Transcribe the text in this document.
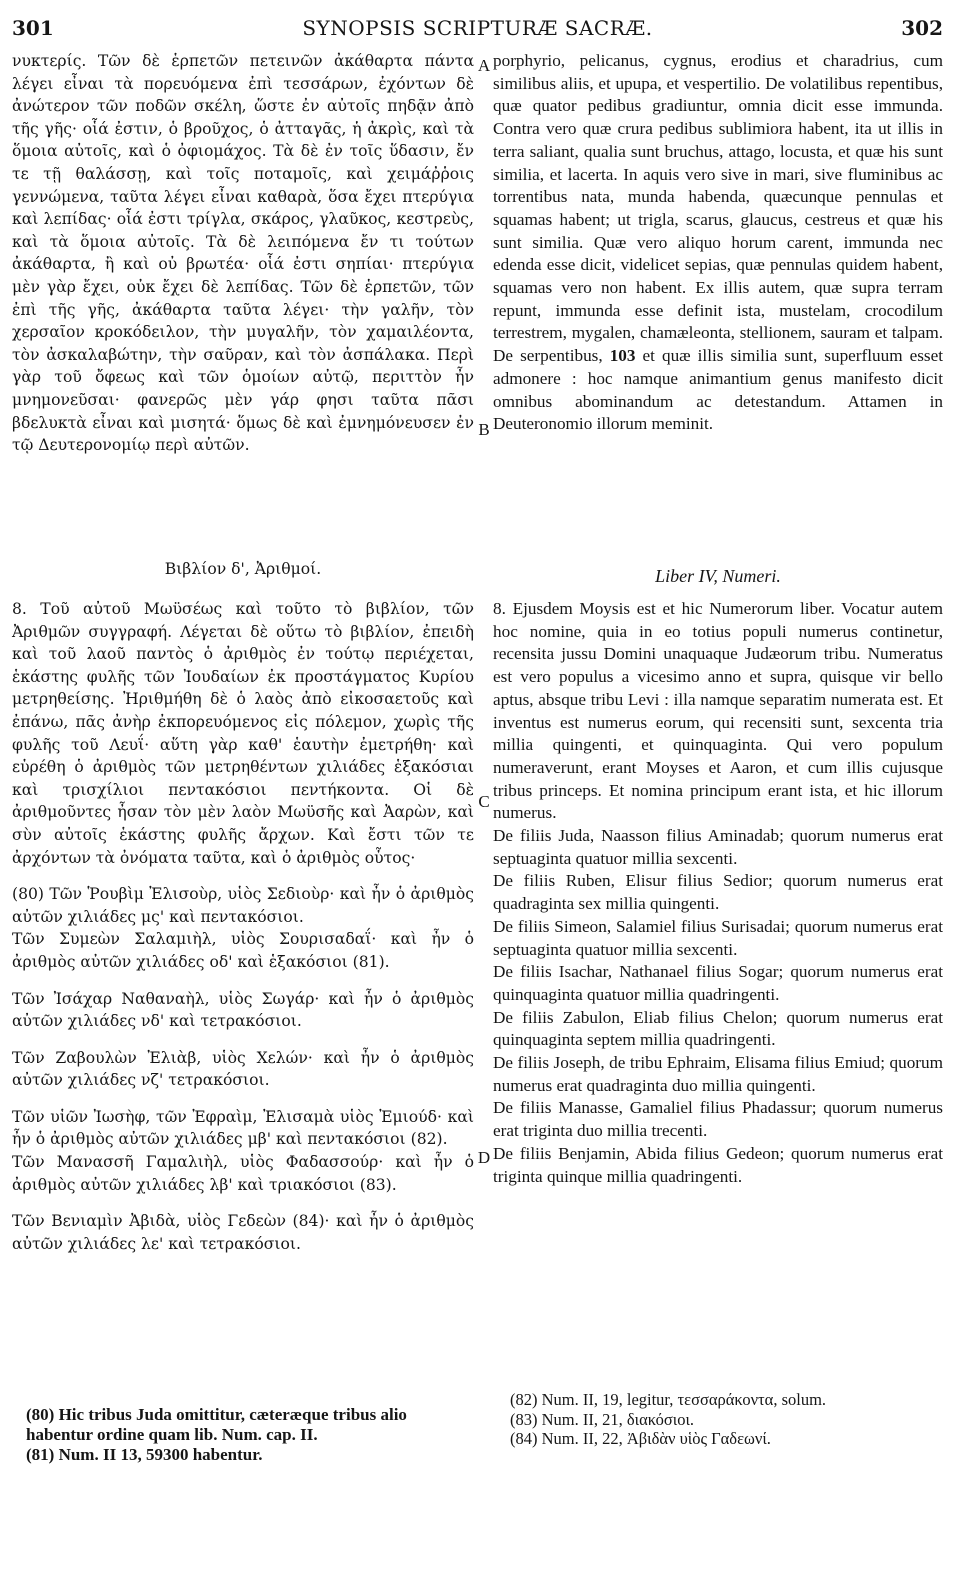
301	SYNOPSIS SCRIPTURÆ SACRÆ.	302
A
B
C
D

νυκτερίς. Τῶν δὲ ἑρπετῶν πετεινῶν ἀκάθαρτα πάντα λέγει εἶναι τὰ πορευόμενα ἐπὶ τεσσάρων, ἐχόντων δὲ ἀνώτερον τῶν ποδῶν σκέλη, ὥστε ἐν αὐτοῖς πηδᾷν ἀπὸ τῆς γῆς· οἷά ἐστιν, ὁ βροῦχος, ὁ ἀτταγᾶς, ἡ ἀκρὶς, καὶ τὰ ὅμοια αὐτοῖς, καὶ ὁ ὀφιομάχος. Τὰ δὲ ἐν τοῖς ὕδασιν, ἔν τε τῇ θαλάσσῃ, καὶ τοῖς ποταμοῖς, καὶ χειμάῤῥοις γεννώμενα, ταῦτα λέγει εἶναι καθαρὰ, ὅσα ἔχει πτερύγια καὶ λεπίδας· οἷά ἐστι τρίγλα, σκάρος, γλαῦκος, κεστρεὺς, καὶ τὰ ὅμοια αὐτοῖς. Τὰ δὲ λειπόμενα ἔν τι τούτων ἀκάθαρτα, ἢ καὶ οὐ βρωτέα· οἷά ἐστι σηπίαι· πτερύγια μὲν γὰρ ἔχει, οὐκ ἔχει δὲ λεπίδας. Τῶν δὲ ἑρπετῶν, τῶν ἐπὶ τῆς γῆς, ἀκάθαρτα ταῦτα λέγει· τὴν γαλῆν, τὸν χερσαῖον κροκόδειλον, τὴν μυγαλῆν, τὸν χαμαιλέοντα, τὸν ἀσκαλαβώτην, τὴν σαῦραν, καὶ τὸν ἀσπάλακα. Περὶ γὰρ τοῦ ὄφεως καὶ τῶν ὁμοίων αὐτῷ, περιττὸν ἦν μνημονεῦσαι· φανερῶς μὲν γάρ φησι ταῦτα πᾶσι βδελυκτὰ εἶναι καὶ μισητά· ὅμως δὲ καὶ ἐμνημόνευσεν ἐν τῷ Δευτερονομίῳ περὶ αὐτῶν.

porphyrio, pelicanus, cygnus, erodius et charadrius, cum similibus aliis, et upupa, et vespertilio. De volatilibus repentibus, quæ quator pedibus gradiuntur, omnia dicit esse immunda. Contra vero quæ crura pedibus sublimiora habent, ita ut illis in terra saliant, qualia sunt bruchus, attago, locusta, et quæ his sunt similia, et lacerta. In aquis vero sive in mari, sive fluminibus ac torrentibus nata, munda habenda, quæcunque pennulas et squamas habent; ut trigla, scarus, glaucus, cestreus et quæ his sunt similia. Quæ vero aliquo horum carent, immunda nec edenda esse dicit, videlicet sepias, quæ pennulas quidem habent, squamas vero non habent. Ex illis autem, quæ supra terram repunt, immunda esse definit ista, mustelam, crocodilum terrestrem, mygalen, chamæleonta, stellionem, sauram et talpam. De serpentibus, 103 et quæ illis similia sunt, superfluum esset admonere : hoc namque animantium genus manifesto dicit omnibus abominandum ac detestandum. Attamen in Deuteronomio illorum meminit.

Βιβλίον δ', Ἀριθμοί.	Liber IV, Numeri.

8. Τοῦ αὐτοῦ Μωϋσέως καὶ τοῦτο τὸ βιβλίον, τῶν Ἀριθμῶν συγγραφή. Λέγεται δὲ οὕτω τὸ βιβλίον, ἐπειδὴ καὶ τοῦ λαοῦ παντὸς ὁ ἀριθμὸς ἐν τούτῳ περιέχεται, ἑκάστης φυλῆς τῶν Ἰουδαίων ἐκ προστάγματος Κυρίου μετρηθείσης. Ἠριθμήθη δὲ ὁ λαὸς ἀπὸ εἰκοσαετοῦς καὶ ἐπάνω, πᾶς ἀνὴρ ἐκπορευόμενος εἰς πόλεμον, χωρὶς τῆς φυλῆς τοῦ Λευΐ· αὕτη γὰρ καθ' ἑαυτὴν ἐμετρήθη· καὶ εὑρέθη ὁ ἀριθμὸς τῶν μετρηθέντων χιλιάδες ἑξακόσιαι καὶ τρισχίλιοι πεντακόσιοι πεντήκοντα. Οἱ δὲ ἀριθμοῦντες ἦσαν τὸν μὲν λαὸν Μωϋσῆς καὶ Ἀαρὼν, καὶ σὺν αὐτοῖς ἑκάστης φυλῆς ἄρχων. Καὶ ἔστι τῶν τε ἀρχόντων τὰ ὀνόματα ταῦτα, καὶ ὁ ἀριθμὸς οὗτος·

(80) Τῶν Ῥουβὶμ Ἐλισοὺρ, υἱὸς Σεδιοὺρ· καὶ ἦν ὁ ἀριθμὸς αὐτῶν χιλιάδες μς' καὶ πεντακόσιοι.

Τῶν Συμεὼν Σαλαμιὴλ, υἱὸς Σουρισαδαΐ· καὶ ἦν ὁ ἀριθμὸς αὐτῶν χιλιάδες οδ' καὶ ἑξακόσιοι (81).

Τῶν Ἰσάχαρ Ναθαναὴλ, υἱὸς Σωγάρ· καὶ ἦν ὁ ἀριθμὸς αὐτῶν χιλιάδες νδ' καὶ τετρακόσιοι.

Τῶν Ζαβουλὼν Ἐλιὰβ, υἱὸς Χελών· καὶ ἦν ὁ ἀριθμὸς αὐτῶν χιλιάδες νζ' τετρακόσιοι.

Τῶν υἱῶν Ἰωσὴφ, τῶν Ἐφραὶμ, Ἐλισαμὰ υἱὸς Ἐμιούδ· καὶ ἦν ὁ ἀριθμὸς αὐτῶν χιλιάδες μβ' καὶ πεντακόσιοι (82).

Τῶν Μανασσῆ Γαμαλιὴλ, υἱὸς Φαδασσούρ· καὶ ἦν ὁ ἀριθμὸς αὐτῶν χιλιάδες λβ' καὶ τριακόσιοι (83).

Τῶν Βενιαμὶν Ἀβιδὰ, υἱὸς Γεδεὼν (84)· καὶ ἦν ὁ ἀριθμὸς αὐτῶν χιλιάδες λε' καὶ τετρακόσιοι.

8. Ejusdem Moysis est et hic Numerorum liber. Vocatur autem hoc nomine, quia in eo totius populi numerus continetur, recensita jussu Domini unaquaque Judæorum tribu. Numeratus est vero populus a vicesimo anno et supra, quisque vir bello aptus, absque tribu Levi : illa namque separatim numerata est. Et inventus est numerus eorum, qui recensiti sunt, sexcenta tria millia quingenti, et quinquaginta. Qui vero populum numeraverunt, erant Moyses et Aaron, et cum illis cujusque tribus princeps. Et nomina principum erant ista, et hic illorum numerus.

De filiis Juda, Naasson filius Aminadab; quorum numerus erat septuaginta quatuor millia sexcenti.

De filiis Ruben, Elisur filius Sedior; quorum numerus erat quadraginta sex millia quingenti.

De filiis Simeon, Salamiel filius Surisadai; quorum numerus erat septuaginta quatuor millia sexcenti.

De filiis Isachar, Nathanael filius Sogar; quorum numerus erat quinquaginta quatuor millia quadringenti.

De filiis Zabulon, Eliab filius Chelon; quorum numerus erat quinquaginta septem millia quadringenti.

De filiis Joseph, de tribu Ephraim, Elisama filius Emiud; quorum numerus erat quadraginta duo millia quingenti.

De filiis Manasse, Gamaliel filius Phadassur; quorum numerus erat triginta duo millia trecenti.

De filiis Benjamin, Abida filius Gedeon; quorum numerus erat triginta quinque millia quadringenti.

(80) Hic tribus Juda omittitur, cæteræque tribus alio habentur ordine quam lib. Num. cap. II.

(81) Num. II 13, 59300 habentur.

(82) Num. II, 19, legitur, τεσσαράκοντα, solum.

(83) Num. II, 21, διακόσιοι.

(84) Num. II, 22, Ἀβιδὰν υἱὸς Γαδεωνί.
